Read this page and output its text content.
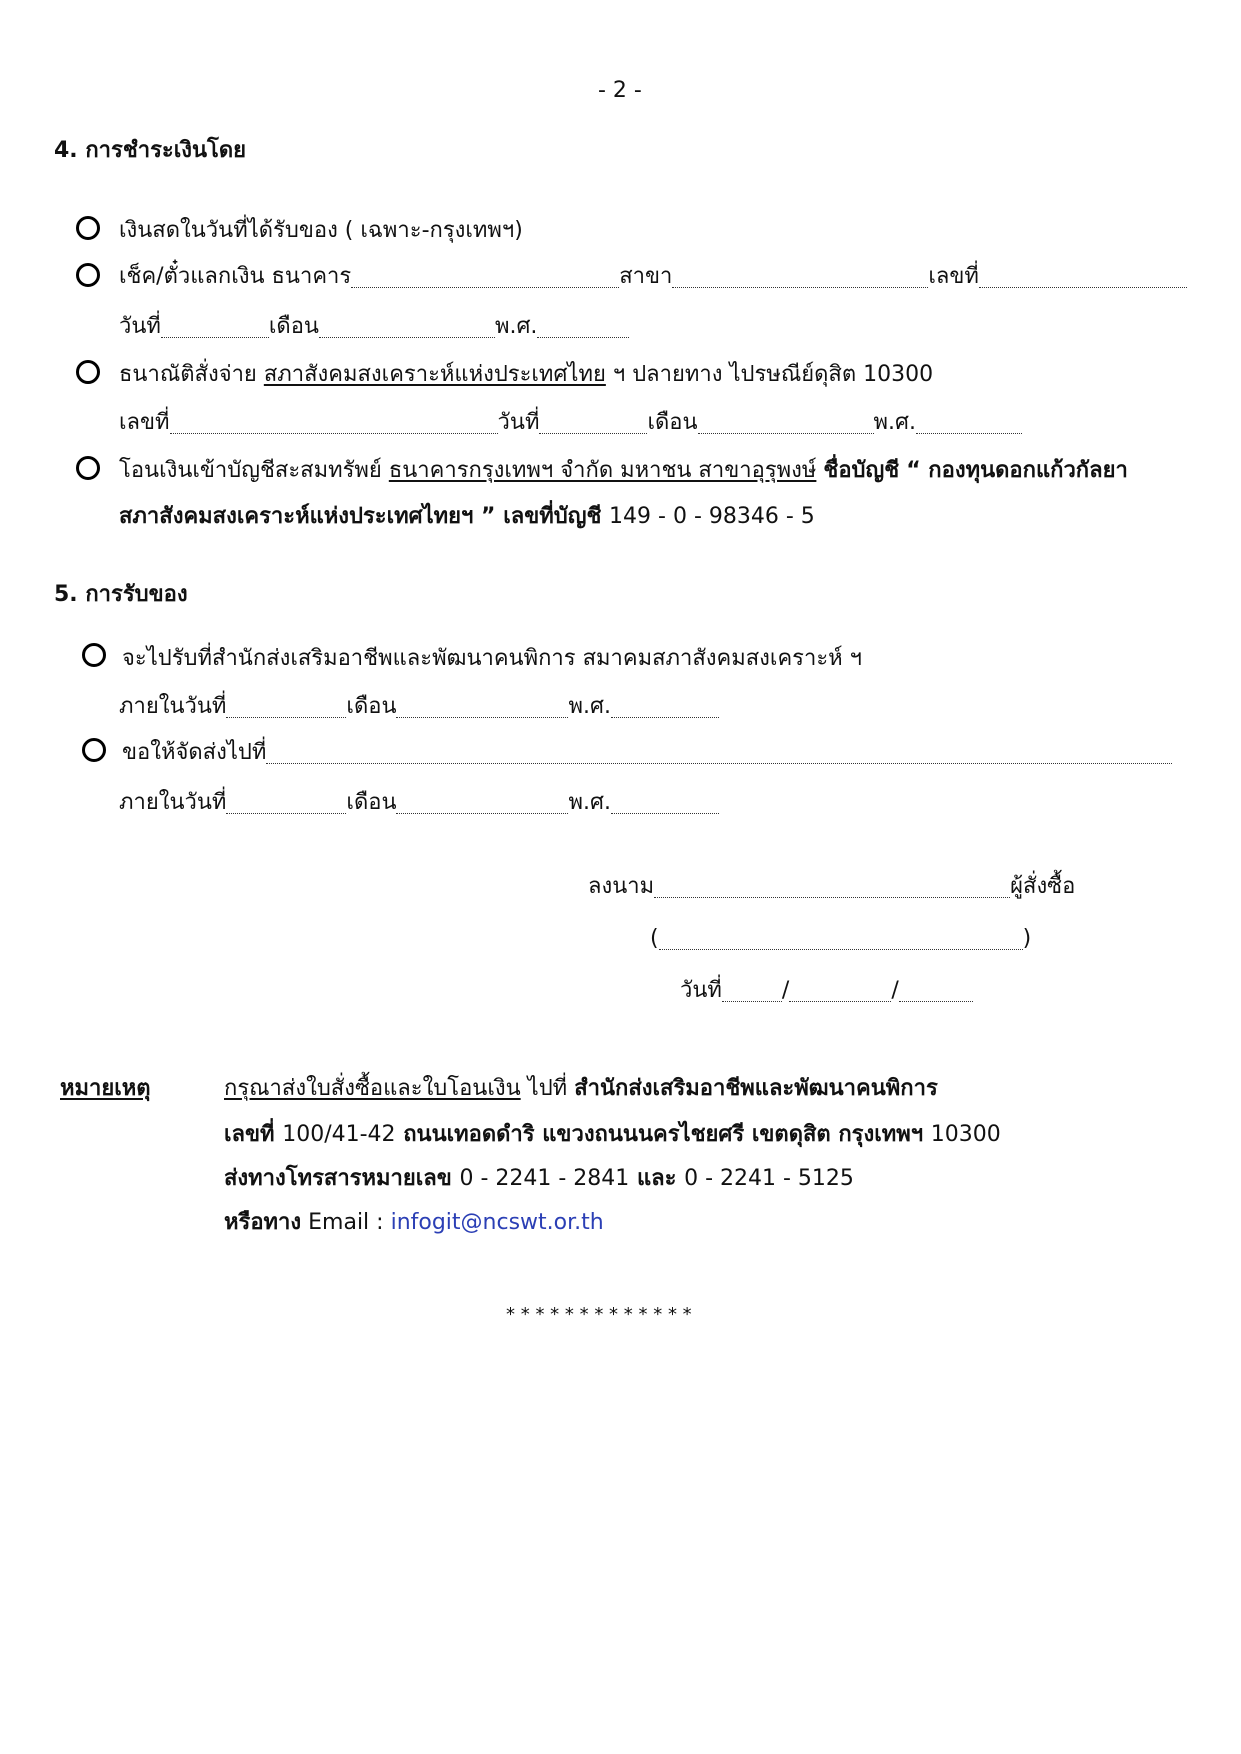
- 2 -
4. การชำระเงินโดย
เงินสดในวันที่ได้รับของ ( เฉพาะ-กรุงเทพฯ)
เช็ค/ตั๋วแลกเงิน ธนาคาร	สาขา	เลขที่
วันที่	เดือน	พ.ศ.
ธนาณัติสั่งจ่าย สภาสังคมสงเคราะห์แห่งประเทศไทย ฯ ปลายทาง ไปรษณีย์ดุสิต 10300
เลขที่	วันที่	เดือน	พ.ศ.
โอนเงินเข้าบัญชีสะสมทรัพย์ ธนาคารกรุงเทพฯ จำกัด มหาชน สาขาอุรุพงษ์ ชื่อบัญชี “ กองทุนดอกแก้วกัลยา
สภาสังคมสงเคราะห์แห่งประเทศไทยฯ ” เลขที่บัญชี 149 - 0 - 98346 - 5
5. การรับของ
จะไปรับที่สำนักส่งเสริมอาชีพและพัฒนาคนพิการ สมาคมสภาสังคมสงเคราะห์ ฯ
ภายในวันที่	เดือน	พ.ศ.
ขอให้จัดส่งไปที่
ภายในวันที่	เดือน	พ.ศ.
ลงนาม	ผู้สั่งซื้อ
(	)
วันที่	/	/
หมายเหตุ	กรุณาส่งใบสั่งซื้อและใบโอนเงิน ไปที่ สำนักส่งเสริมอาชีพและพัฒนาคนพิการ
เลขที่ 100/41-42 ถนนเทอดดำริ แขวงถนนนครไชยศรี เขตดุสิต กรุงเทพฯ 10300
ส่งทางโทรสารหมายเลข 0 - 2241 - 2841 และ 0 - 2241 - 5125
หรือทาง Email : infogit@ncswt.or.th
* * * * * * * * * * * * *
